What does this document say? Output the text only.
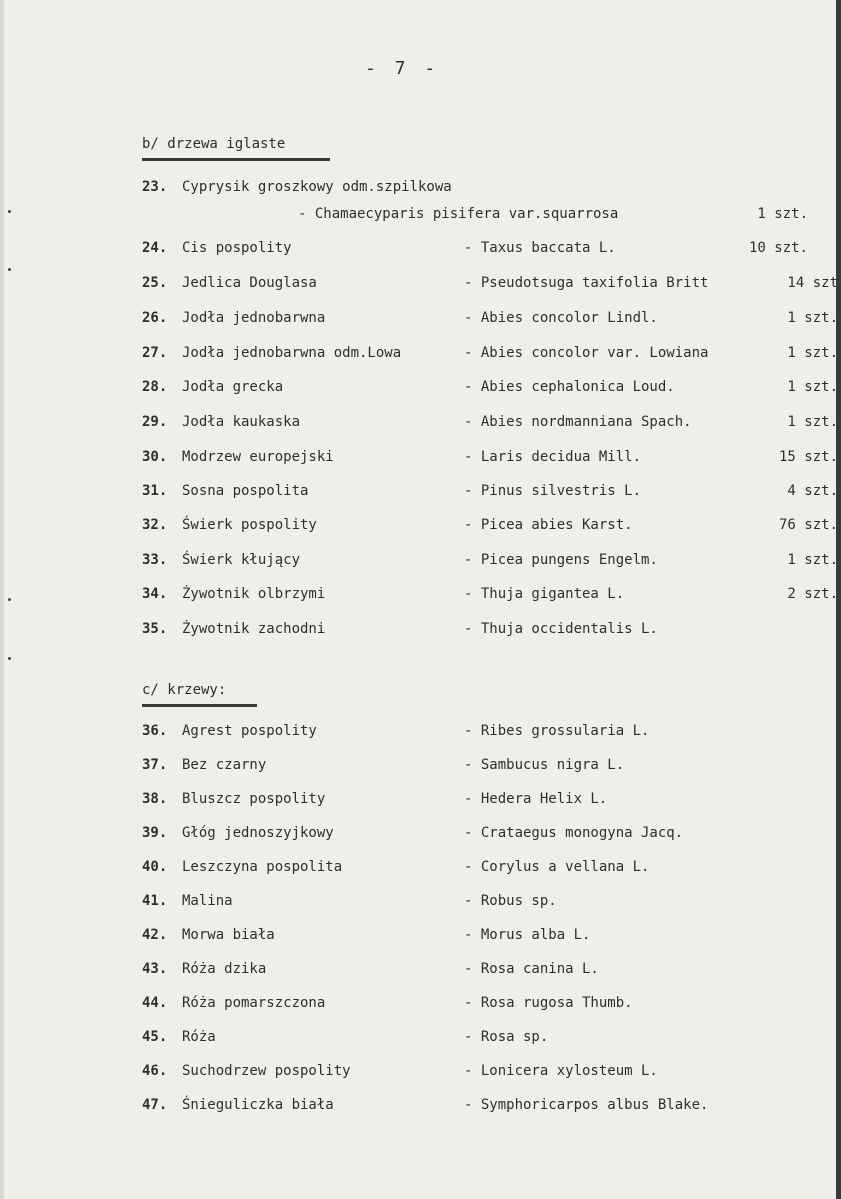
- 7 -
b/ drzewa iglaste
23. Cyprysik groszkowy odm.szpilkowa
- Chamaecyparis pisifera var.squarrosa	1 szt.
24. Cis pospolity	- Taxus baccata L.	10 szt.
25. Jedlica Douglasa	- Pseudotsuga taxifolia Britt	14 szt
26. Jodła jednobarwna	- Abies concolor Lindl.	1 szt.
27. Jodła jednobarwna odm.Lowa	- Abies concolor var. Lowiana	1 szt.
28. Jodła grecka	- Abies cephalonica Loud.	1 szt.
29. Jodła kaukaska	- Abies nordmanniana Spach.	1 szt.
30. Modrzew europejski	- Laris decidua Mill.	15 szt.
31. Sosna pospolita	- Pinus silvestris L.	4 szt.
32. Świerk pospolity	- Picea abies Karst.	76 szt.
33. Świerk kłujący	- Picea pungens Engelm.	1 szt.
34. Żywotnik olbrzymi	- Thuja gigantea L.	2 szt.
35. Żywotnik zachodni	- Thuja occidentalis L.
c/ krzewy:
36. Agrest pospolity	- Ribes grossularia L.
37. Bez czarny	- Sambucus nigra L.
38. Bluszcz pospolity	- Hedera Helix L.
39. Głóg jednoszyjkowy	- Crataegus monogyna Jacq.
40. Leszczyna pospolita	- Corylus a vellana L.
41. Malina	- Robus sp.
42. Morwa biała	- Morus alba L.
43. Róża dzika	- Rosa canina L.
44. Róża pomarszczona	- Rosa rugosa Thumb.
45. Róża	- Rosa sp.
46. Suchodrzew pospolity	- Lonicera xylosteum L.
47. Śnieguliczka biała	- Symphoricarpos albus Blake.
